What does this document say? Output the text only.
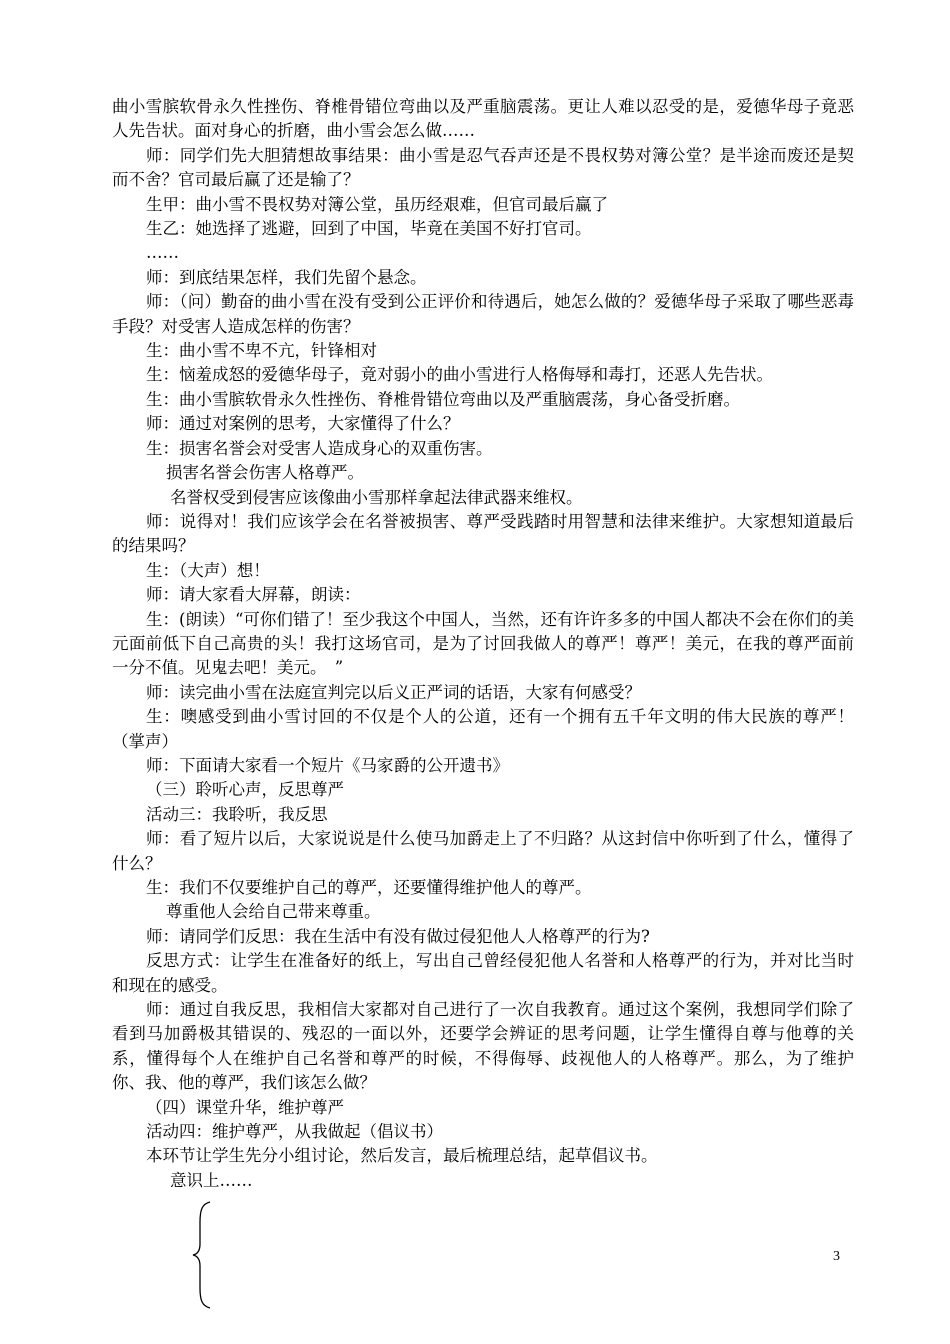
曲小雪膑软骨永久性挫伤、脊椎骨错位弯曲以及严重脑震荡。更让人难以忍受的是，爱德华母子竟恶人先告状。面对身心的折磨，曲小雪会怎么做……

师：同学们先大胆猜想故事结果：曲小雪是忍气吞声还是不畏权势对簿公堂？是半途而废还是契而不舍？官司最后赢了还是输了？

生甲：曲小雪不畏权势对簿公堂，虽历经艰难，但官司最后赢了

生乙：她选择了逃避，回到了中国，毕竟在美国不好打官司。

……

师：到底结果怎样，我们先留个悬念。

师：（问）勤奋的曲小雪在没有受到公正评价和待遇后，她怎么做的？爱德华母子采取了哪些恶毒手段？对受害人造成怎样的伤害？

生：曲小雪不卑不亢，针锋相对

生：恼羞成怒的爱德华母子，竟对弱小的曲小雪进行人格侮辱和毒打，还恶人先告状。

生：曲小雪膑软骨永久性挫伤、脊椎骨错位弯曲以及严重脑震荡，身心备受折磨。

师：通过对案例的思考，大家懂得了什么？

生：损害名誉会对受害人造成身心的双重伤害。

损害名誉会伤害人格尊严。

名誉权受到侵害应该像曲小雪那样拿起法律武器来维权。

师：说得对！我们应该学会在名誉被损害、尊严受践踏时用智慧和法律来维护。大家想知道最后的结果吗？

生：（大声）想！

师：请大家看大屏幕，朗读：

生：(朗读）“可你们错了！至少我这个中国人，当然，还有许许多多的中国人都决不会在你们的美元面前低下自己高贵的头！我打这场官司，是为了讨回我做人的尊严！尊严！美元，在我的尊严面前一分不值。见鬼去吧！美元。　”

师：读完曲小雪在法庭宣判完以后义正严词的话语，大家有何感受？

生：噢感受到曲小雪讨回的不仅是个人的公道，还有一个拥有五千年文明的伟大民族的尊严！（掌声）

师：下面请大家看一个短片《马家爵的公开遗书》

（三）聆听心声，反思尊严

活动三：我聆听，我反思

师：看了短片以后，大家说说是什么使马加爵走上了不归路？从这封信中你听到了什么，懂得了什么？

生：我们不仅要维护自己的尊严，还要懂得维护他人的尊严。

尊重他人会给自己带来尊重。

师：请同学们反思：我在生活中有没有做过侵犯他人人格尊严的行为?

反思方式：让学生在准备好的纸上，写出自己曾经侵犯他人名誉和人格尊严的行为，并对比当时和现在的感受。

师：通过自我反思，我相信大家都对自己进行了一次自我教育。通过这个案例，我想同学们除了看到马加爵极其错误的、残忍的一面以外，还要学会辨证的思考问题，让学生懂得自尊与他尊的关系，懂得每个人在维护自己名誉和尊严的时候，不得侮辱、歧视他人的人格尊严。那么，为了维护你、我、他的尊严，我们该怎么做？

（四）课堂升华，维护尊严

活动四：维护尊严，从我做起（倡议书）

本环节让学生先分小组讨论，然后发言，最后梳理总结，起草倡议书。

意识上……

3
